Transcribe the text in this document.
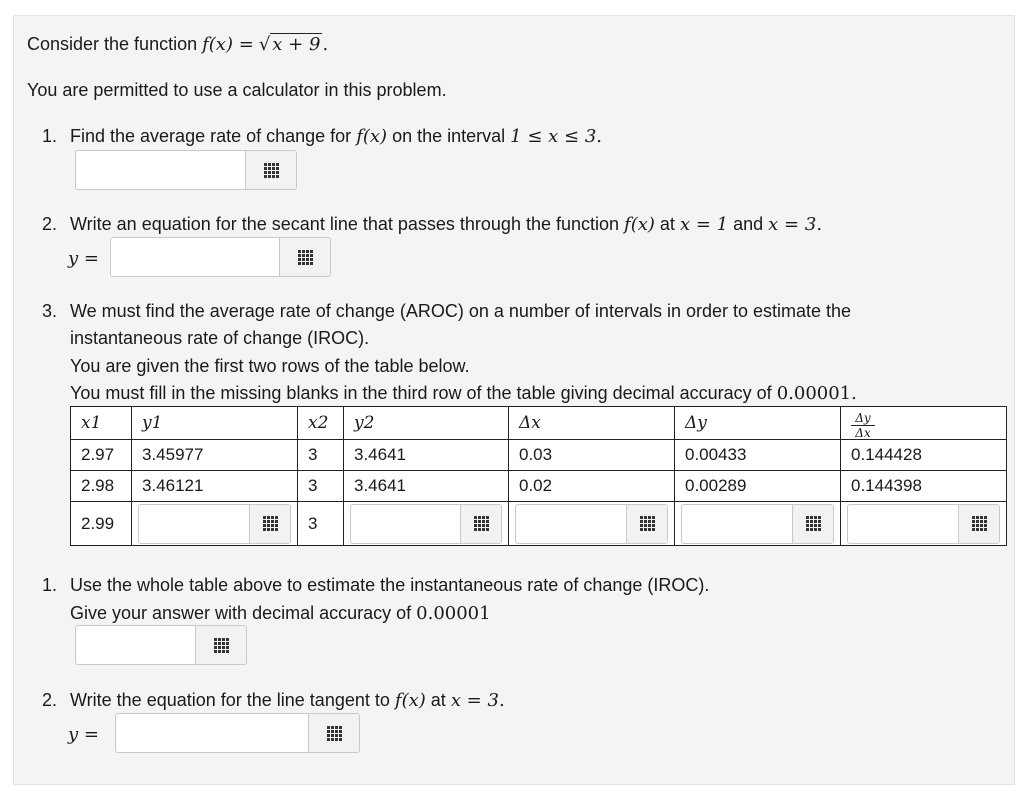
Consider the function f(x) = √ x + 9 .
You are permitted to use a calculator in this problem.
1. Find the average rate of change for f(x) on the interval 1 ≤ x ≤ 3.
2. Write an equation for the secant line that passes through the function f(x) at x = 1 and x = 3.
y =
3. We must find the average rate of change (AROC) on a number of intervals in order to estimate the
instantaneous rate of change (IROC).
You are given the first two rows of the table below.
You must fill in the missing blanks in the third row of the table giving decimal accuracy of 0.00001.
x1	y1	x2	y2	Δx	Δy	$\frac{\Delta y}{\Delta x}$

2.97	3.45977	3	3.4641	0.03	0.00433	0.144428
2.98	3.46121	3	3.4641	0.02	0.00289	0.144398
2.99		3	

1. Use the whole table above to estimate the instantaneous rate of change (IROC).
Give your answer with decimal accuracy of 0.00001
2. Write the equation for the line tangent to f(x) at x = 3.
y =
